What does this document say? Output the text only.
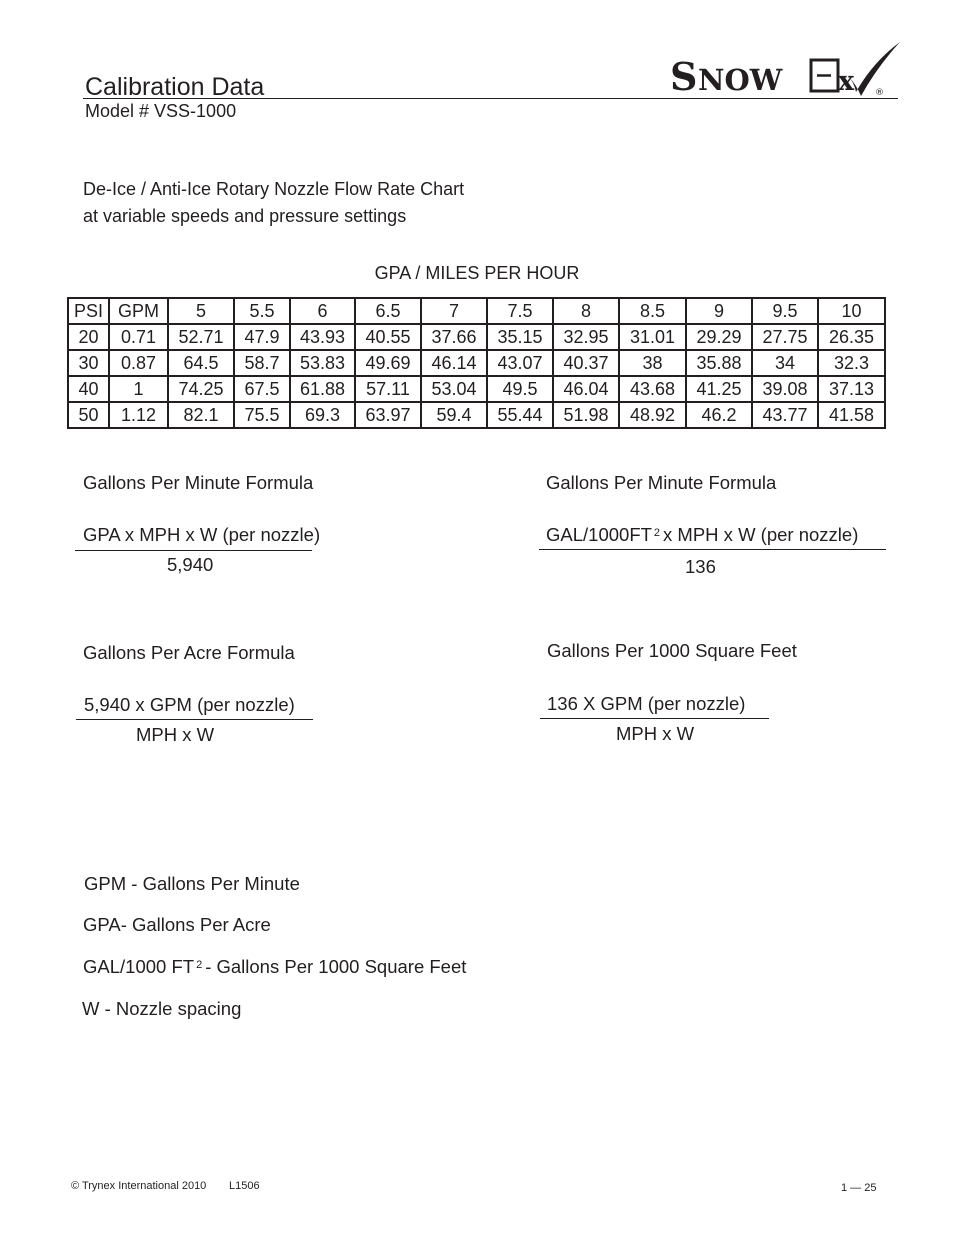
Calibration Data
Model # VSS-1000
S NOW x ®
De-Ice / Anti-Ice Rotary Nozzle Flow Rate Chart
at variable speeds and pressure settings
GPA / MILES PER HOUR
PSI	GPM	5	5.5	6	6.5	7	7.5	8	8.5	9	9.5	10
20	0.71	52.71	47.9	43.93	40.55	37.66	35.15	32.95	31.01	29.29	27.75	26.35
30	0.87	64.5	58.7	53.83	49.69	46.14	43.07	40.37	38	35.88	34	32.3
40	1	74.25	67.5	61.88	57.11	53.04	49.5	46.04	43.68	41.25	39.08	37.13
50	1.12	82.1	75.5	69.3	63.97	59.4	55.44	51.98	48.92	46.2	43.77	41.58
Gallons Per Minute Formula
GPA x MPH x W (per nozzle)
5,940
Gallons Per Minute Formula
GAL/1000FT $^2$ x MPH x W (per nozzle)
136
Gallons Per Acre Formula
5,940 x GPM (per nozzle)
MPH x W
Gallons Per 1000 Square Feet
136 X GPM (per nozzle)
MPH x W
GPM - Gallons Per Minute
GPA- Gallons Per Acre
GAL/1000 FT $^2$ - Gallons Per 1000 Square Feet
W - Nozzle spacing
© Trynex International 2010 L1506	1 — 25
